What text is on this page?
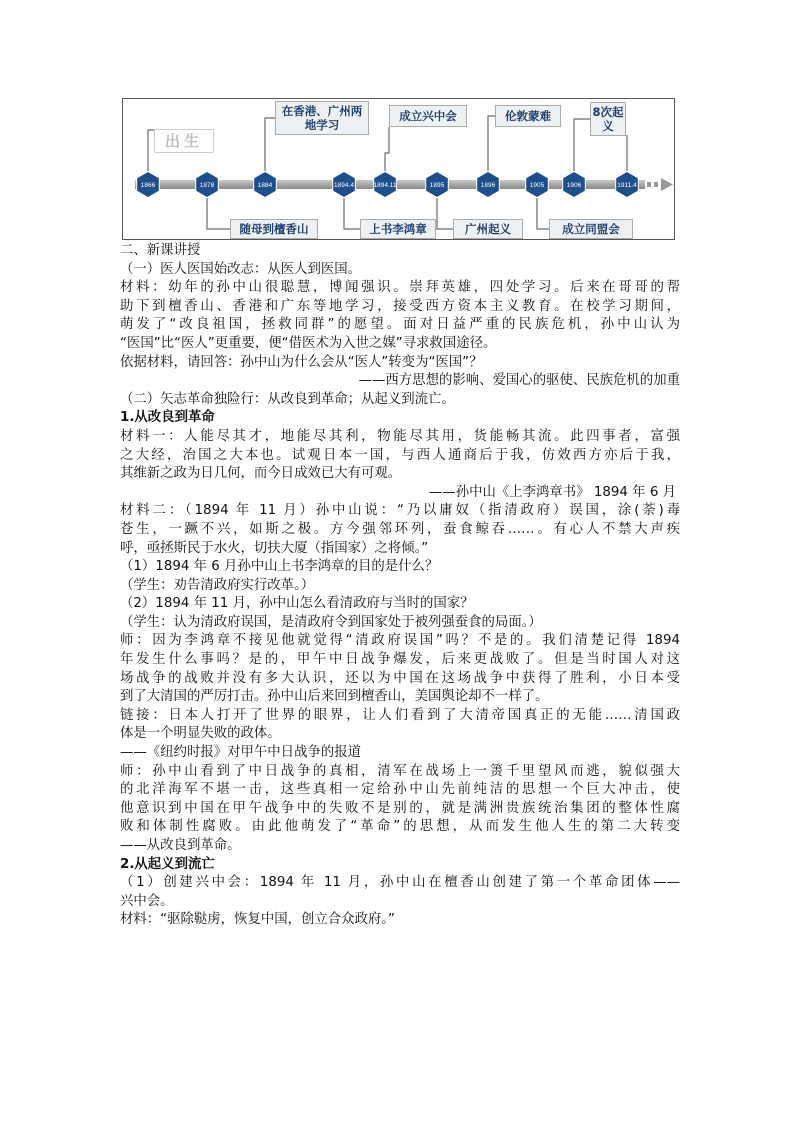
1866	1878	1884	1894.4	1894.11	1895	1896	1905	1906	1911.4
出生
在香港、广州两地学习
成立兴中会	伦敦蒙难	8次起义
随母到檀香山	上书李鸿章	广州起义	成立同盟会
二、新课讲授
（一）医人医国始改志：从医人到医国。
材料：幼年的孙中山很聪慧，博闻强识。崇拜英雄，四处学习。后来在哥哥的帮
助下到檀香山、香港和广东等地学习，接受西方资本主义教育。在校学习期间，
萌发了“改良祖国，拯救同群”的愿望。面对日益严重的民族危机，孙中山认为
“医国”比“医人”更重要，便“借医术为入世之媒”寻求救国途径。
依据材料，请回答：孙中山为什么会从“医人”转变为“医国”？
——西方思想的影响、爱国心的驱使、民族危机的加重
（二）矢志革命独险行：从改良到革命；从起义到流亡。
1.从改良到革命
材料一：人能尽其才，地能尽其利，物能尽其用，货能畅其流。此四事者，富强
之大经，治国之大本也。试观日本一国，与西人通商后于我，仿效西方亦后于我，
其维新之政为日几何，而今日成效已大有可观。
——孙中山《上李鸿章书》 1894 年 6 月
材料二：（1894 年 11 月）孙中山说：“乃以庸奴（指清政府）误国，涂(荼)毒
苍生，一蹶不兴，如斯之极。方今强邻环列，蚕食鲸吞……。有心人不禁大声疾
呼，亟拯斯民于水火，切扶大厦（指国家）之将倾。”
（1）1894 年 6 月孙中山上书李鸿章的目的是什么？
（学生：劝告清政府实行改革。）
（2）1894 年 11 月，孙中山怎么看清政府与当时的国家？
（学生：认为清政府误国，是清政府令到国家处于被列强蚕食的局面。）
师：因为李鸿章不接见他就觉得“清政府误国”吗？不是的。我们清楚记得 1894
年发生什么事吗？是的，甲午中日战争爆发，后来更战败了。但是当时国人对这
场战争的战败并没有多大认识，还以为中国在这场战争中获得了胜利，小日本受
到了大清国的严厉打击。孙中山后来回到檀香山，美国舆论却不一样了。
链接：日本人打开了世界的眼界，让人们看到了大清帝国真正的无能……清国政
体是一个明显失败的政体。
——《纽约时报》对甲午中日战争的报道
师：孙中山看到了中日战争的真相，清军在战场上一箦千里望风而逃，貌似强大
的北洋海军不堪一击，这些真相一定给孙中山先前纯洁的思想一个巨大冲击，使
他意识到中国在甲午战争中的失败不是别的，就是满洲贵族统治集团的整体性腐
败和体制性腐败。由此他萌发了“革命”的思想，从而发生他人生的第二大转变
——从改良到革命。
2.从起义到流亡
（1）创建兴中会：1894 年 11 月，孙中山在檀香山创建了第一个革命团体——
兴中会。
材料：“驱除鞑虏，恢复中国，创立合众政府。”
